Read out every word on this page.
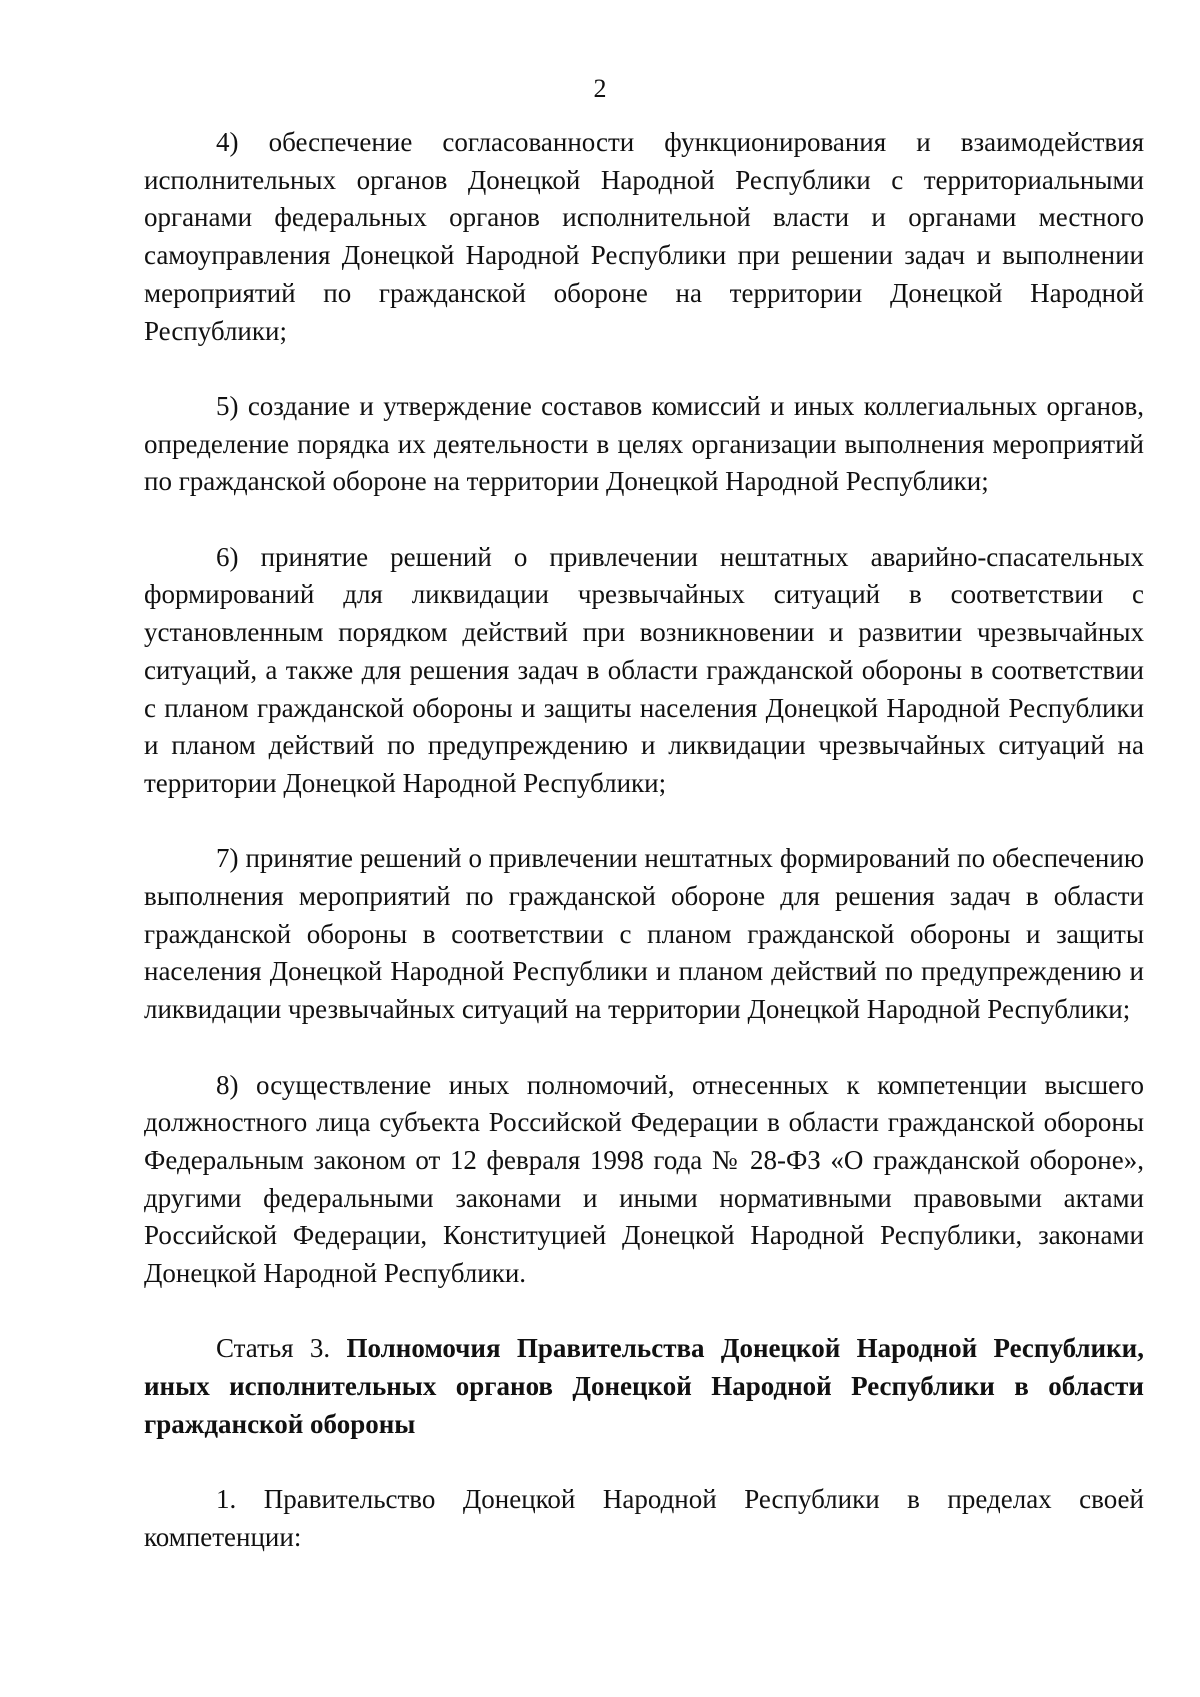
2

4) обеспечение согласованности функционирования и взаимодействия исполнительных органов Донецкой Народной Республики с территориальными органами федеральных органов исполнительной власти и органами местного самоуправления Донецкой Народной Республики при решении задач и выполнении мероприятий по гражданской обороне на территории Донецкой Народной Республики;

5) создание и утверждение составов комиссий и иных коллегиальных органов, определение порядка их деятельности в целях организации выполнения мероприятий по гражданской обороне на территории Донецкой Народной Республики;

6) принятие решений о привлечении нештатных аварийно-спасательных формирований для ликвидации чрезвычайных ситуаций в соответствии с установленным порядком действий при возникновении и развитии чрезвычайных ситуаций, а также для решения задач в области гражданской обороны в соответствии с планом гражданской обороны и защиты населения Донецкой Народной Республики и планом действий по предупреждению и ликвидации чрезвычайных ситуаций на территории Донецкой Народной Республики;

7) принятие решений о привлечении нештатных формирований по обеспечению выполнения мероприятий по гражданской обороне для решения задач в области гражданской обороны в соответствии с планом гражданской обороны и защиты населения Донецкой Народной Республики и планом действий по предупреждению и ликвидации чрезвычайных ситуаций на территории Донецкой Народной Республики;

8) осуществление иных полномочий, отнесенных к компетенции высшего должностного лица субъекта Российской Федерации в области гражданской обороны Федеральным законом от 12 февраля 1998 года № 28-ФЗ «О гражданской обороне», другими федеральными законами и иными нормативными правовыми актами Российской Федерации, Конституцией Донецкой Народной Республики, законами Донецкой Народной Республики.

Статья 3. Полномочия Правительства Донецкой Народной Республики, иных исполнительных органов Донецкой Народной Республики в области гражданской обороны

1. Правительство Донецкой Народной Республики в пределах своей компетенции:
